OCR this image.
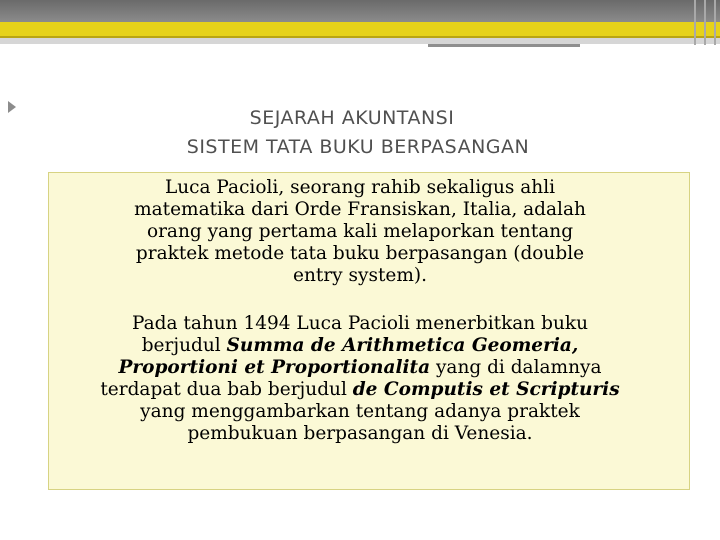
SEJARAH AKUNTANSI
SISTEM TATA BUKU BERPASANGAN
Luca Pacioli, seorang rahib sekaligus ahli
matematika dari Orde Fransiskan, Italia, adalah
orang yang pertama kali melaporkan tentang
praktek metode tata buku berpasangan (double
entry system).
Pada tahun 1494 Luca Pacioli menerbitkan buku
berjudul Summa de Arithmetica Geomeria,
Proportioni et Proportionalita yang di dalamnya
terdapat dua bab berjudul de Computis et Scripturis
yang menggambarkan tentang adanya praktek
pembukuan berpasangan di Venesia.
